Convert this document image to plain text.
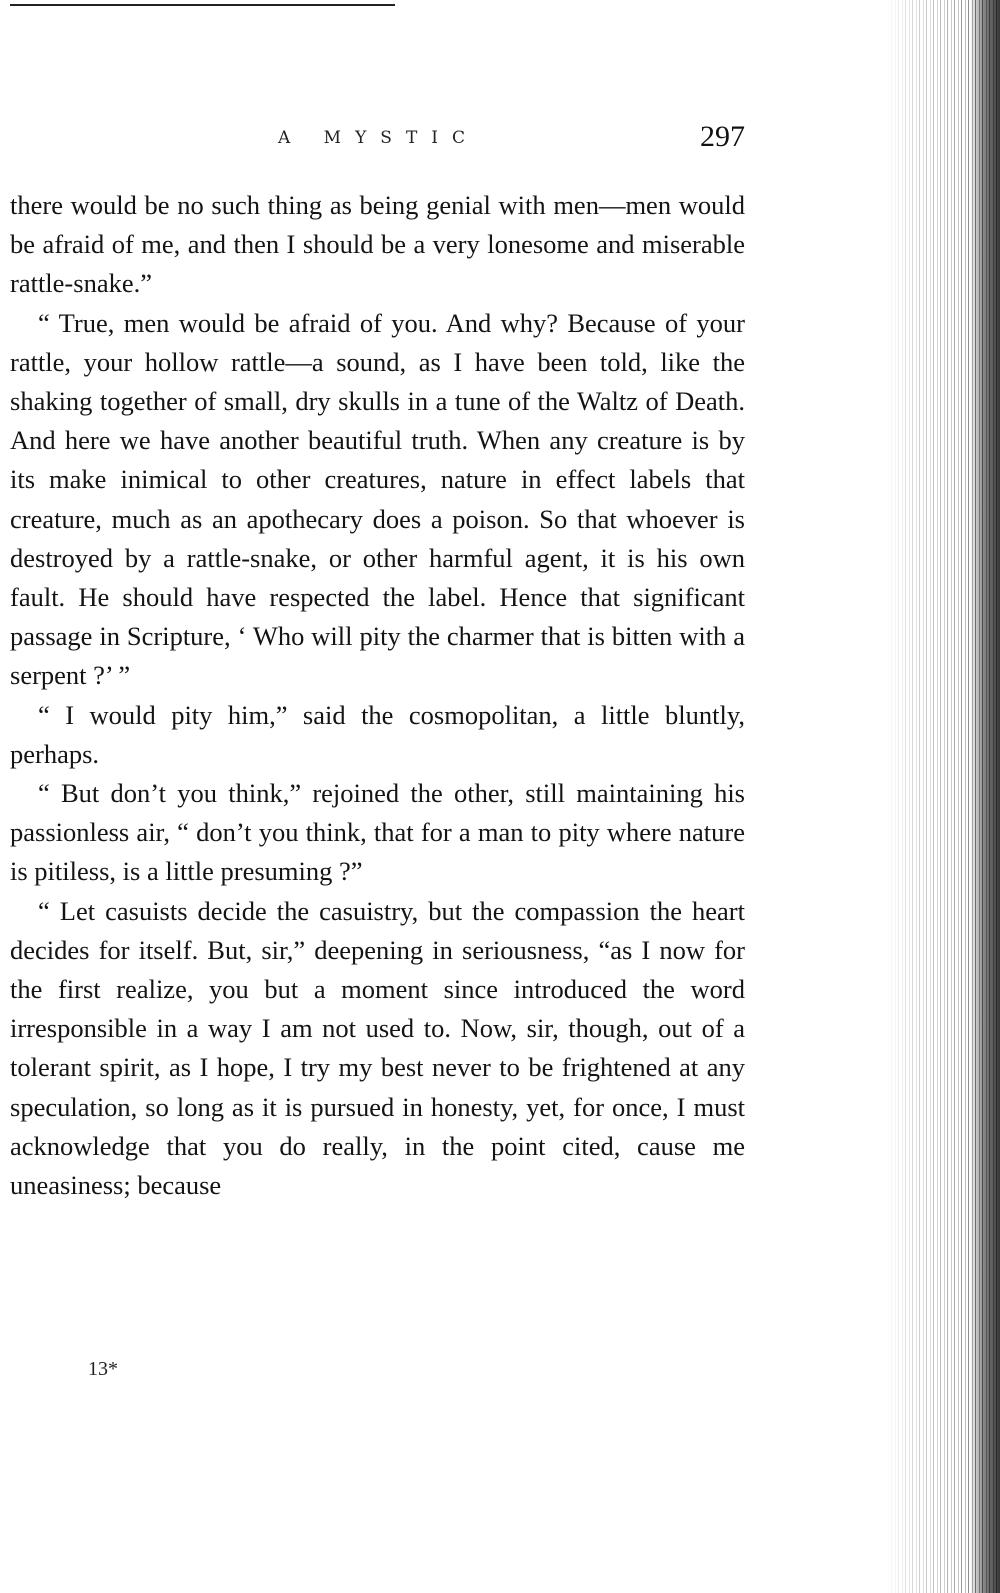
A MYSTIC	297

there would be no such thing as being genial with men—men would be afraid of me, and then I should be a very lonesome and miserable rattle-snake.”

“ True, men would be afraid of you. And why? Because of your rattle, your hollow rattle—a sound, as I have been told, like the shaking together of small, dry skulls in a tune of the Waltz of Death. And here we have another beautiful truth. When any creature is by its make inimical to other creatures, nature in effect labels that creature, much as an apothecary does a poison. So that whoever is destroyed by a rattle-snake, or other harmful agent, it is his own fault. He should have respected the label. Hence that significant passage in Scripture, ‘ Who will pity the charmer that is bitten with a serpent ?’ ”

“ I would pity him,” said the cosmopolitan, a little bluntly, perhaps.

“ But don’t you think,” rejoined the other, still maintaining his passionless air, “ don’t you think, that for a man to pity where nature is pitiless, is a little presuming ?”

“ Let casuists decide the casuistry, but the compassion the heart decides for itself. But, sir,” deepening in seriousness, “as I now for the first realize, you but a moment since introduced the word irresponsible in a way I am not used to. Now, sir, though, out of a tolerant spirit, as I hope, I try my best never to be frightened at any speculation, so long as it is pursued in honesty, yet, for once, I must acknowledge that you do really, in the point cited, cause me uneasiness; because

13*
